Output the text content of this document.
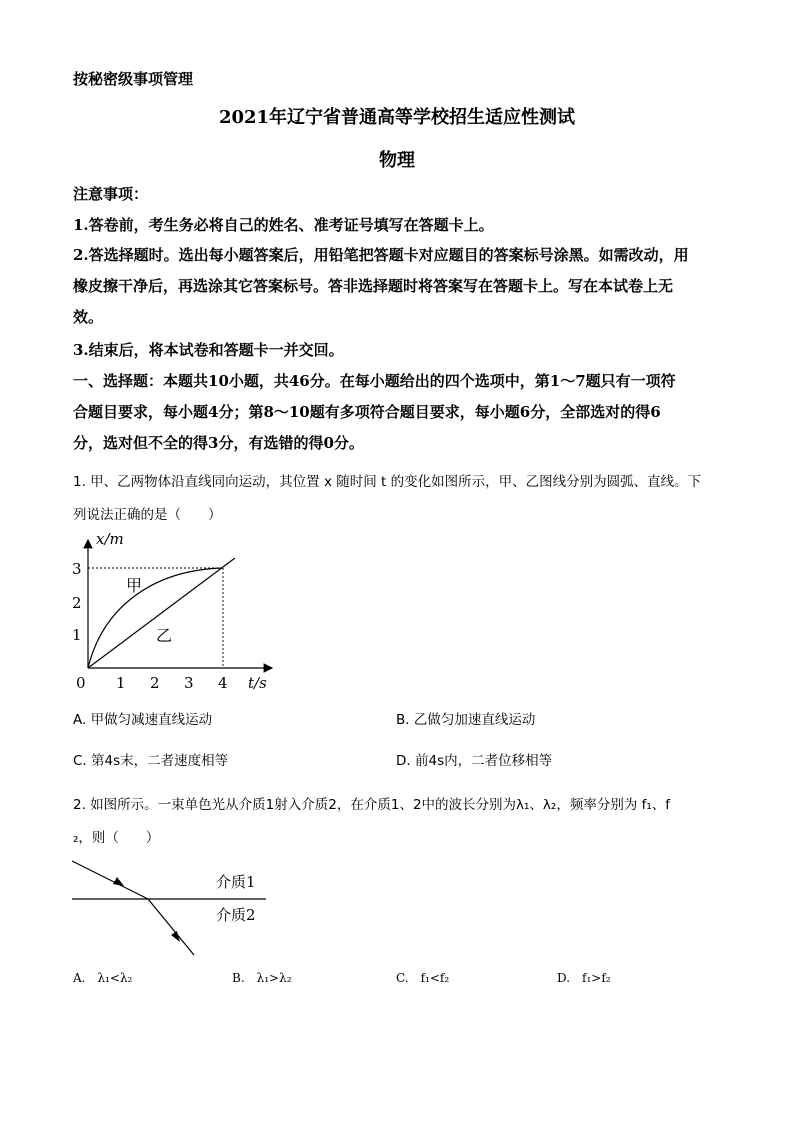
按秘密级事项管理
2021年辽宁省普通高等学校招生适应性测试
物理
注意事项：
1.答卷前，考生务必将自己的姓名、准考证号填写在答题卡上。
2.答选择题时。选出每小题答案后，用铅笔把答题卡对应题目的答案标号涂黑。如需改动，用
橡皮擦干净后，再选涂其它答案标号。答非选择题时将答案写在答题卡上。写在本试卷上无
效。
3.结束后，将本试卷和答题卡一并交回。
一、选择题：本题共10小题，共46分。在每小题给出的四个选项中，第1～7题只有一项符
合题目要求，每小题4分；第8～10题有多项符合题目要求，每小题6分，全部选对的得6
分，选对但不全的得3分，有选错的得0分。
1. 甲、乙两物体沿直线同向运动，其位置 x 随时间 t 的变化如图所示，甲、乙图线分别为圆弧、直线。下
列说法正确的是（　　）
x/m
t/s
0 1 2 3 4
1
2
3
甲
乙
A. 甲做匀减速直线运动	B. 乙做匀加速直线运动
C. 第4s末，二者速度相等	D. 前4s内，二者位移相等
2. 如图所示。一束单色光从介质1射入介质2，在介质1、2中的波长分别为λ₁、λ₂，频率分别为 f₁、f
₂，则（　　）
介质1
介质2
A.　λ₁<λ₂	B.　λ₁>λ₂	C.　f₁<f₂	D.　f₁>f₂
